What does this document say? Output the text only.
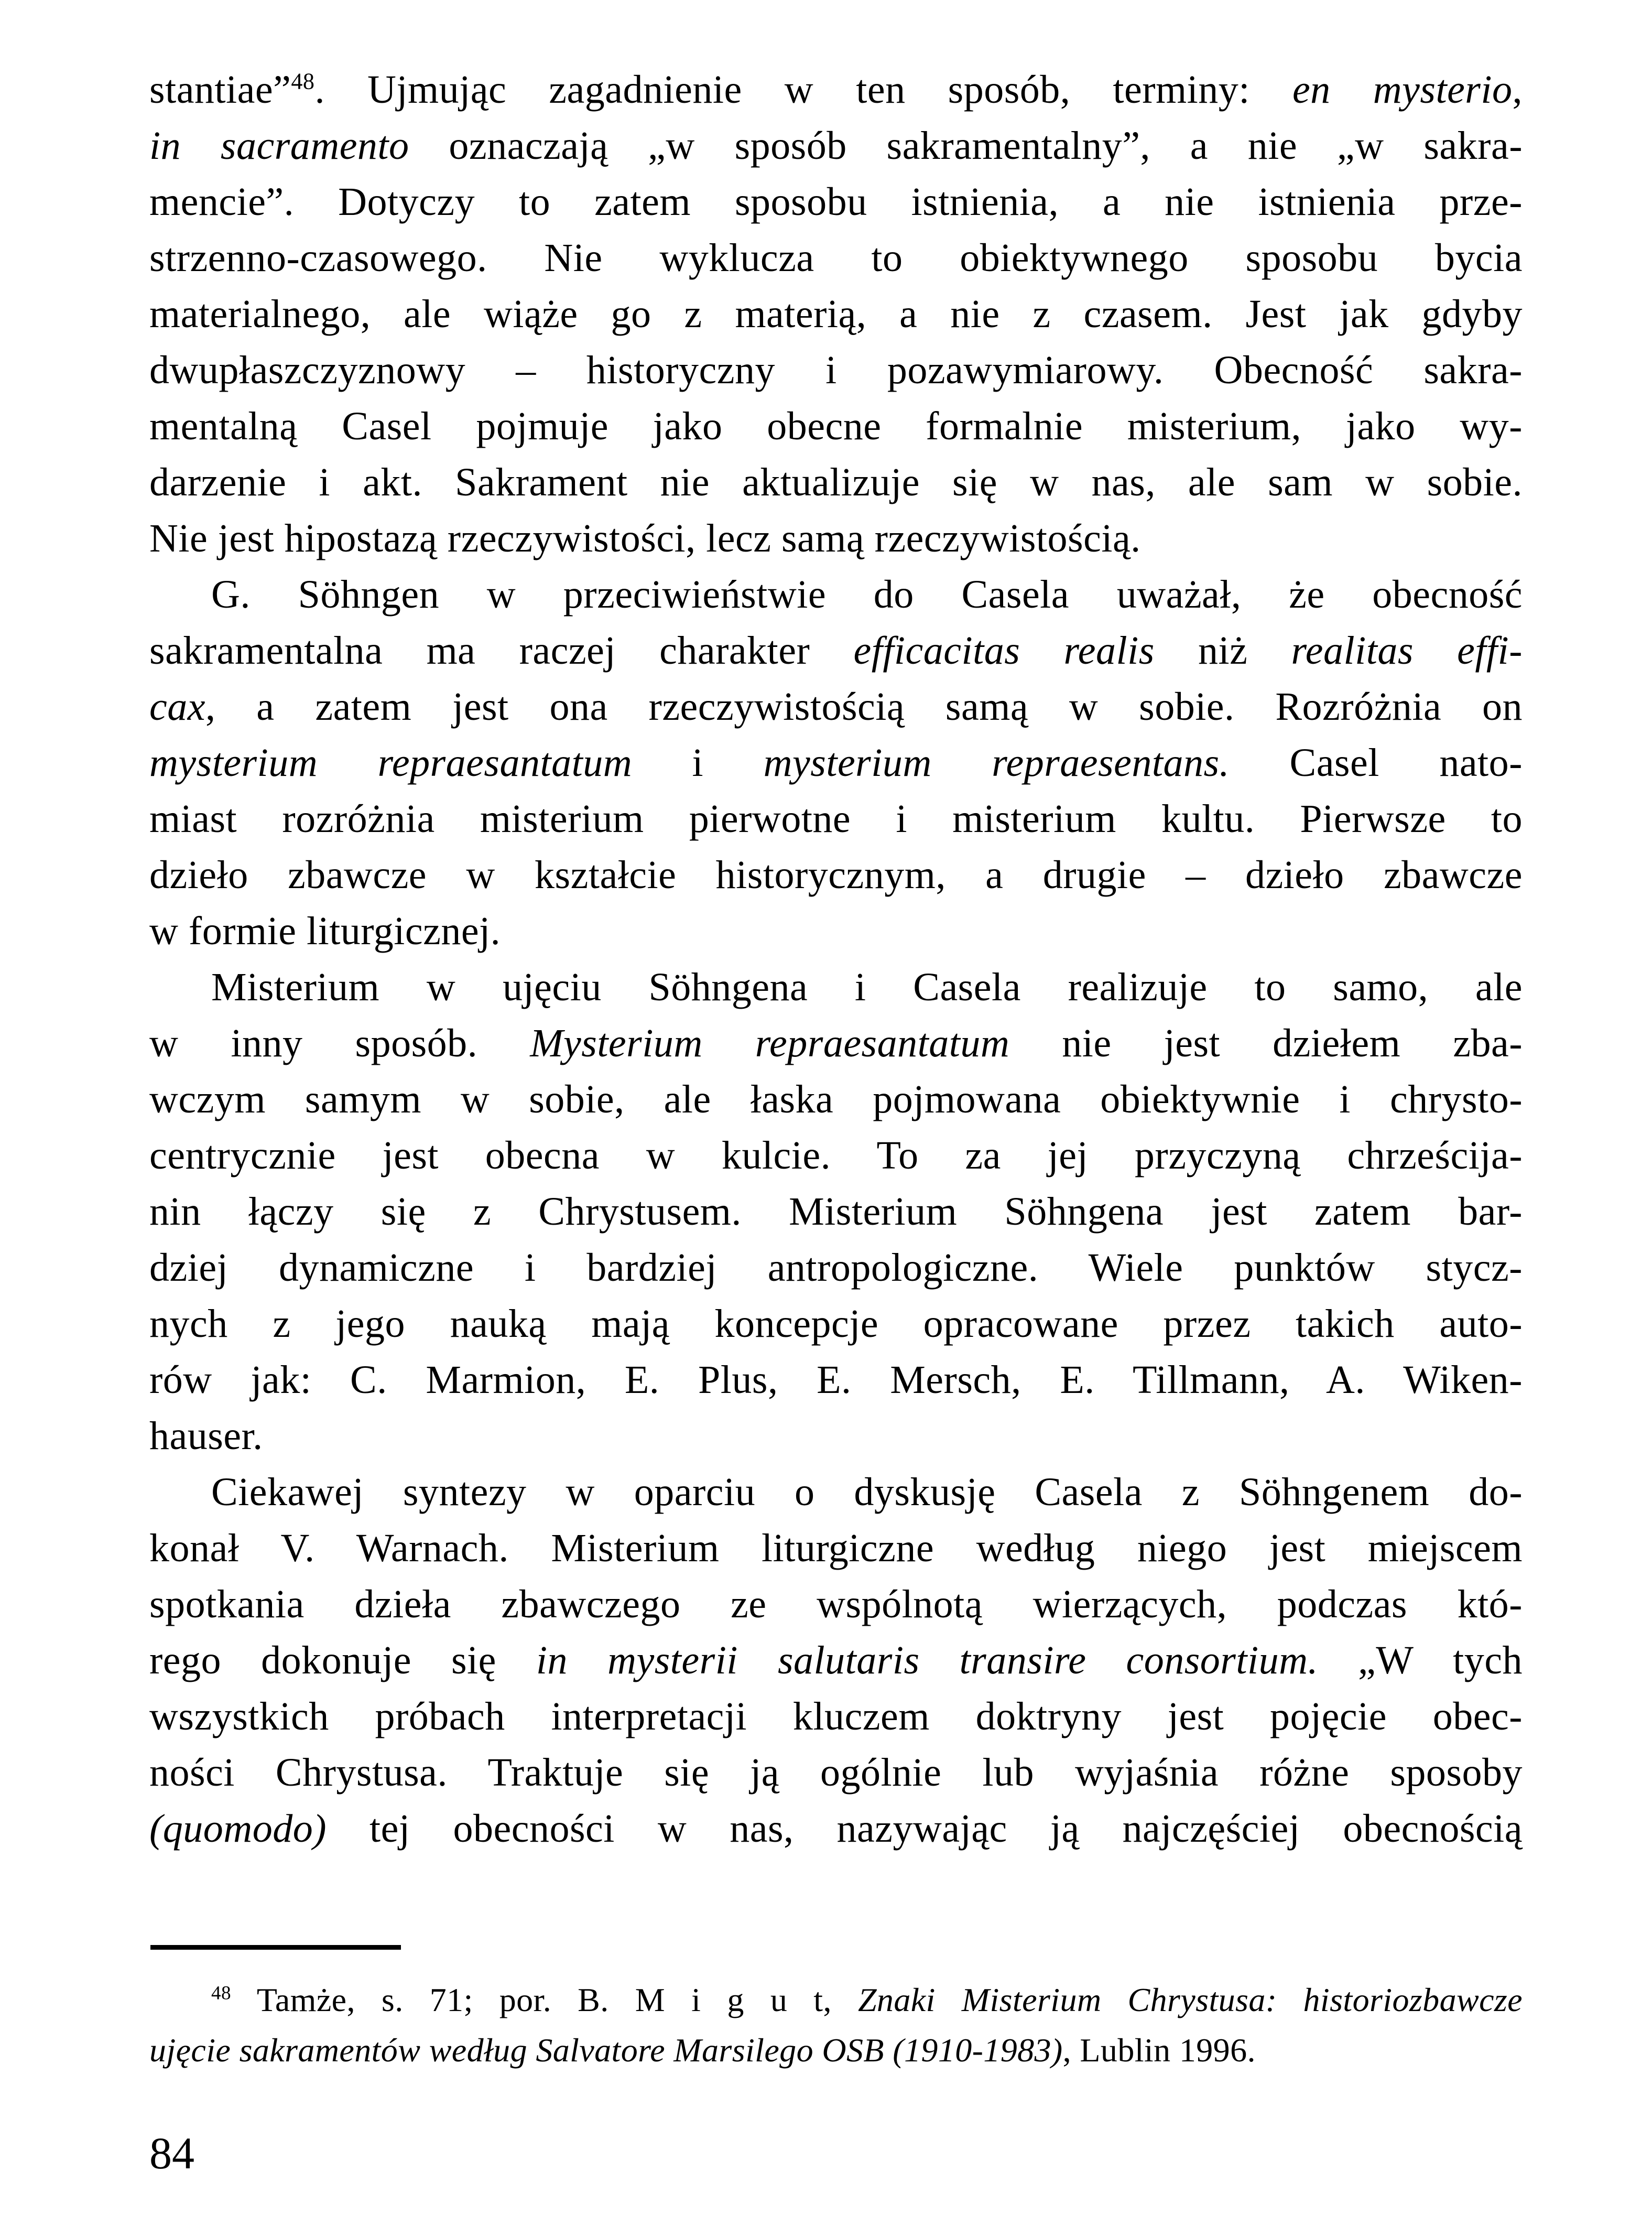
stantiae”$^{48}$. Ujmując zagadnienie w ten sposób, terminy: en mysterio,
in sacramento oznaczają „w sposób sakramentalny”, a nie „w sakra-
mencie”. Dotyczy to zatem sposobu istnienia, a nie istnienia prze-
strzenno-czasowego. Nie wyklucza to obiektywnego sposobu bycia
materialnego, ale wiąże go z materią, a nie z czasem. Jest jak gdyby
dwupłaszczyznowy – historyczny i pozawymiarowy. Obecność sakra-
mentalną Casel pojmuje jako obecne formalnie misterium, jako wy-
darzenie i akt. Sakrament nie aktualizuje się w nas, ale sam w sobie.
Nie jest hipostazą rzeczywistości, lecz samą rzeczywistością.
G. Söhngen w przeciwieństwie do Casela uważał, że obecność
sakramentalna ma raczej charakter efficacitas realis niż realitas effi-
cax, a zatem jest ona rzeczywistością samą w sobie. Rozróżnia on
mysterium repraesantatum i mysterium repraesentans. Casel nato-
miast rozróżnia misterium pierwotne i misterium kultu. Pierwsze to
dzieło zbawcze w kształcie historycznym, a drugie – dzieło zbawcze
w formie liturgicznej.
Misterium w ujęciu Söhngena i Casela realizuje to samo, ale
w inny sposób. Mysterium repraesantatum nie jest dziełem zba-
wczym samym w sobie, ale łaska pojmowana obiektywnie i chrysto-
centrycznie jest obecna w kulcie. To za jej przyczyną chrześcija-
nin łączy się z Chrystusem. Misterium Söhngena jest zatem bar-
dziej dynamiczne i bardziej antropologiczne. Wiele punktów stycz-
nych z jego nauką mają koncepcje opracowane przez takich auto-
rów jak: C. Marmion, E. Plus, E. Mersch, E. Tillmann, A. Wiken-
hauser.
Ciekawej syntezy w oparciu o dyskusję Casela z Söhngenem do-
konał V. Warnach. Misterium liturgiczne według niego jest miejscem
spotkania dzieła zbawczego ze wspólnotą wierzących, podczas któ-
rego dokonuje się in mysterii salutaris transire consortium. „W tych
wszystkich próbach interpretacji kluczem doktryny jest pojęcie obec-
ności Chrystusa. Traktuje się ją ogólnie lub wyjaśnia różne sposoby
(quomodo) tej obecności w nas, nazywając ją najczęściej obecnością
$^{48}$ Tamże, s. 71; por. B. M i g u t, Znaki Misterium Chrystusa: historiozbawcze
ujęcie sakramentów według Salvatore Marsilego OSB (1910-1983), Lublin 1996.
84
